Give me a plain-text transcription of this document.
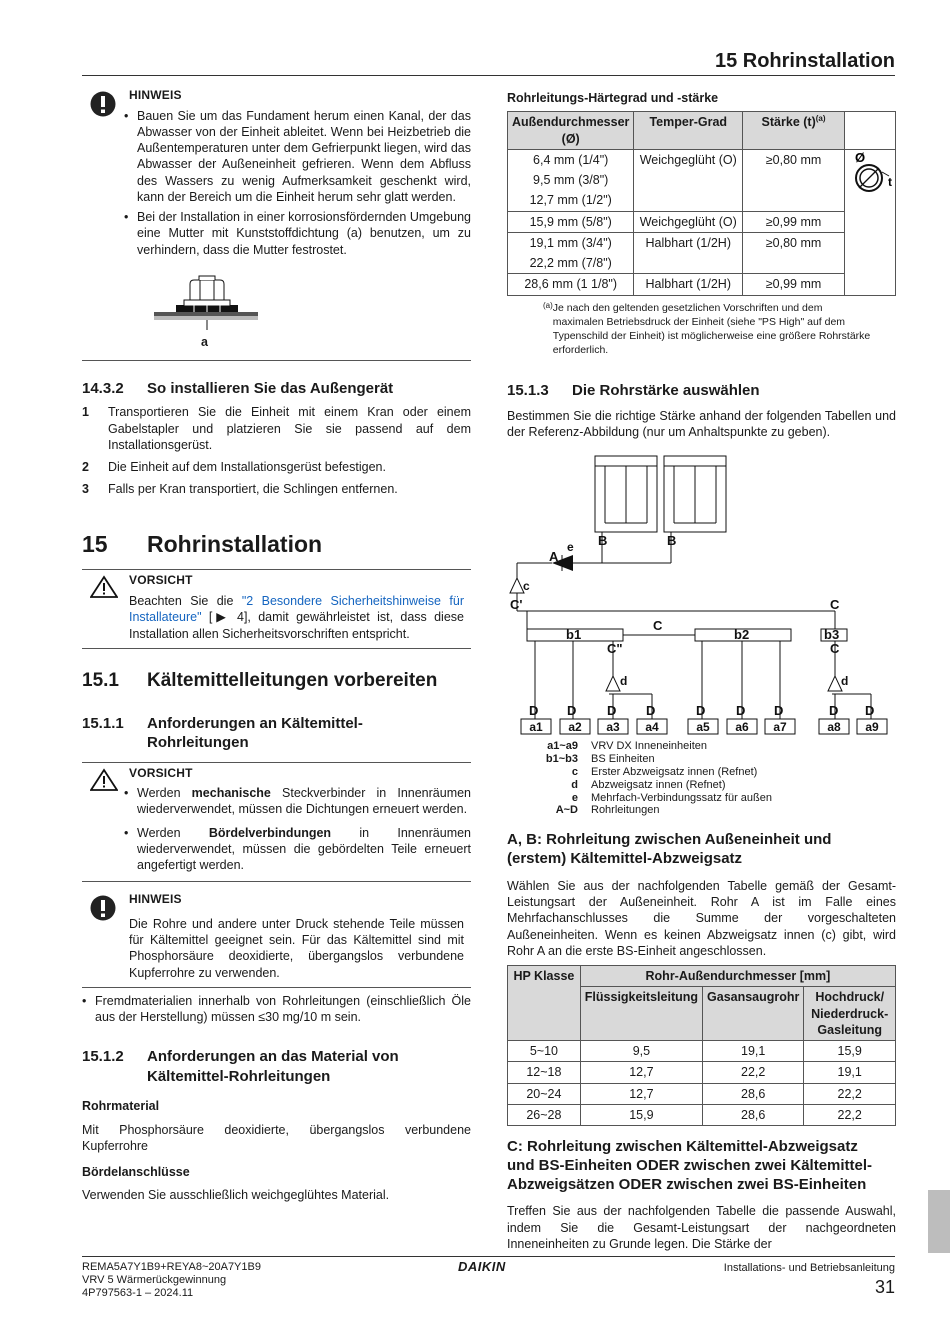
15 Rohrinstallation
HINWEIS
• Bauen Sie um das Fundament herum einen Kanal, der das Abwasser von der Einheit ableitet. Wenn bei Heizbetrieb die Außentemperaturen unter dem Gefrierpunkt liegen, wird das Abwasser der Außeneinheit gefrieren. Wenn dem Abfluss des Wassers zu wenig Aufmerksamkeit geschenkt wird, kann der Bereich um die Einheit herum sehr glatt werden.
• Bei der Installation in einer korrosionsfördernden Umgebung eine Mutter mit Kunststoffdichtung (a) benutzen, um zu verhindern, dass die Mutter festrostet.
a
14.3.2	So installieren Sie das Außengerät
1	Transportieren Sie die Einheit mit einem Kran oder einem Gabelstapler und platzieren Sie sie passend auf dem Installationsgerüst.
2	Die Einheit auf dem Installationsgerüst befestigen.
3	Falls per Kran transportiert, die Schlingen entfernen.
15	Rohrinstallation
VORSICHT
Beachten Sie die "2 Besondere Sicherheitshinweise für Installateure" [▶ 4], damit gewährleistet ist, dass diese Installation allen Sicherheitsvorschriften entspricht.
15.1	Kältemittelleitungen vorbereiten
15.1.1	Anforderungen an Kältemittel-
Rohrleitungen
VORSICHT
• Werden mechanische Steckverbinder in Innenräumen wiederverwendet, müssen die Dichtungen erneuert werden.
• Werden Bördelverbindungen in Innenräumen wiederverwendet, müssen die gebördelten Teile erneuert angefertigt werden.
HINWEIS
Die Rohre und andere unter Druck stehende Teile müssen für Kältemittel geeignet sein. Für das Kältemittel sind mit Phosphorsäure deoxidierte, übergangslos verbundene Kupferrohre zu verwenden.
• Fremdmaterialien innerhalb von Rohrleitungen (einschließlich Öle aus der Herstellung) müssen ≤30 mg/10 m sein.
15.1.2	Anforderungen an das Material von
Kältemittel-Rohrleitungen
Rohrmaterial
Mit Phosphorsäure deoxidierte, übergangslos verbundene Kupferrohre
Bördelanschlüsse
Verwenden Sie ausschließlich weichgeglühtes Material.
Rohrleitungs-Härtegrad und -stärke
Außendurchmesser (Ø)	Temper-Grad	Stärke $(t)^{(a)}$	
6,4 mm (1/4")	Weichgeglüht (O)	≥0,80 mm	Ø
t

9,5 mm (3/8")			
12,7 mm (1/2")			
15,9 mm (5/8")	Weichgeglüht (O)	≥0,99 mm	
19,1 mm (3/4")	Halbhart (1/2H)	≥0,80 mm	
22,2 mm (7/8")			
28,6 mm (1 1/8")	Halbhart (1/2H)	≥0,99 mm	
(a) Je nach den geltenden gesetzlichen Vorschriften und dem maximalen Betriebsdruck der Einheit (siehe "PS High" auf dem Typenschild der Einheit) ist möglicherweise eine größere Rohrstärke erforderlich.
15.1.3	Die Rohrstärke auswählen
Bestimmen Sie die richtige Stärke anhand der folgenden Tabellen und der Referenz-Abbildung (nur um Anhaltspunkte zu geben).
A
B	B
C'	C
C
C
C"
D D D D	D D D	D D
b1	b2	b3
e
c
d	d
a1 a2 a3 a4	a5 a6 a7	a8 a9
a1~a9	VRV DX Inneneinheiten
b1~b3	BS Einheiten
c	Erster Abzweigsatz innen (Refnet)
d	Abzweigsatz innen (Refnet)
e	Mehrfach-Verbindungssatz für außen
A~D	Rohrleitungen
A, B: Rohrleitung zwischen Außeneinheit und
(erstem) Kältemittel-Abzweigsatz
Wählen Sie aus der nachfolgenden Tabelle gemäß der Gesamt-Leistungsart der Außeneinheit. Rohr A ist im Falle eines Mehrfachanschlusses die Summe der vorgeschalteten Außeneinheiten. Wenn es keinen Abzweigsatz innen (c) gibt, wird Rohr A an die erste BS-Einheit angeschlossen.
HP Klasse	Rohr-Außendurchmesser [mm]		
	Flüssigkeitsleitung	Gasansaugrohr	Hochdruck/ Niederdruck-Gasleitung
5~10	9,5	19,1	15,9
12~18	12,7	22,2	19,1
20~24	12,7	28,6	22,2
26~28	15,9	28,6	22,2
C: Rohrleitung zwischen Kältemittel-Abzweigsatz
und BS-Einheiten ODER zwischen zwei Kältemittel-
Abzweigsätzen ODER zwischen zwei BS-Einheiten
Treffen Sie aus der nachfolgenden Tabelle die passende Auswahl, indem Sie die Gesamt-Leistungsart der nachgeordneten Inneneinheiten zu Grunde legen. Die Stärke der
REMA5A7Y1B9+REYA8~20A7Y1B9
VRV 5 Wärmerückgewinnung
4P797563-1 – 2024.11
DAIKIN	Installations- und Betriebsanleitung
31
